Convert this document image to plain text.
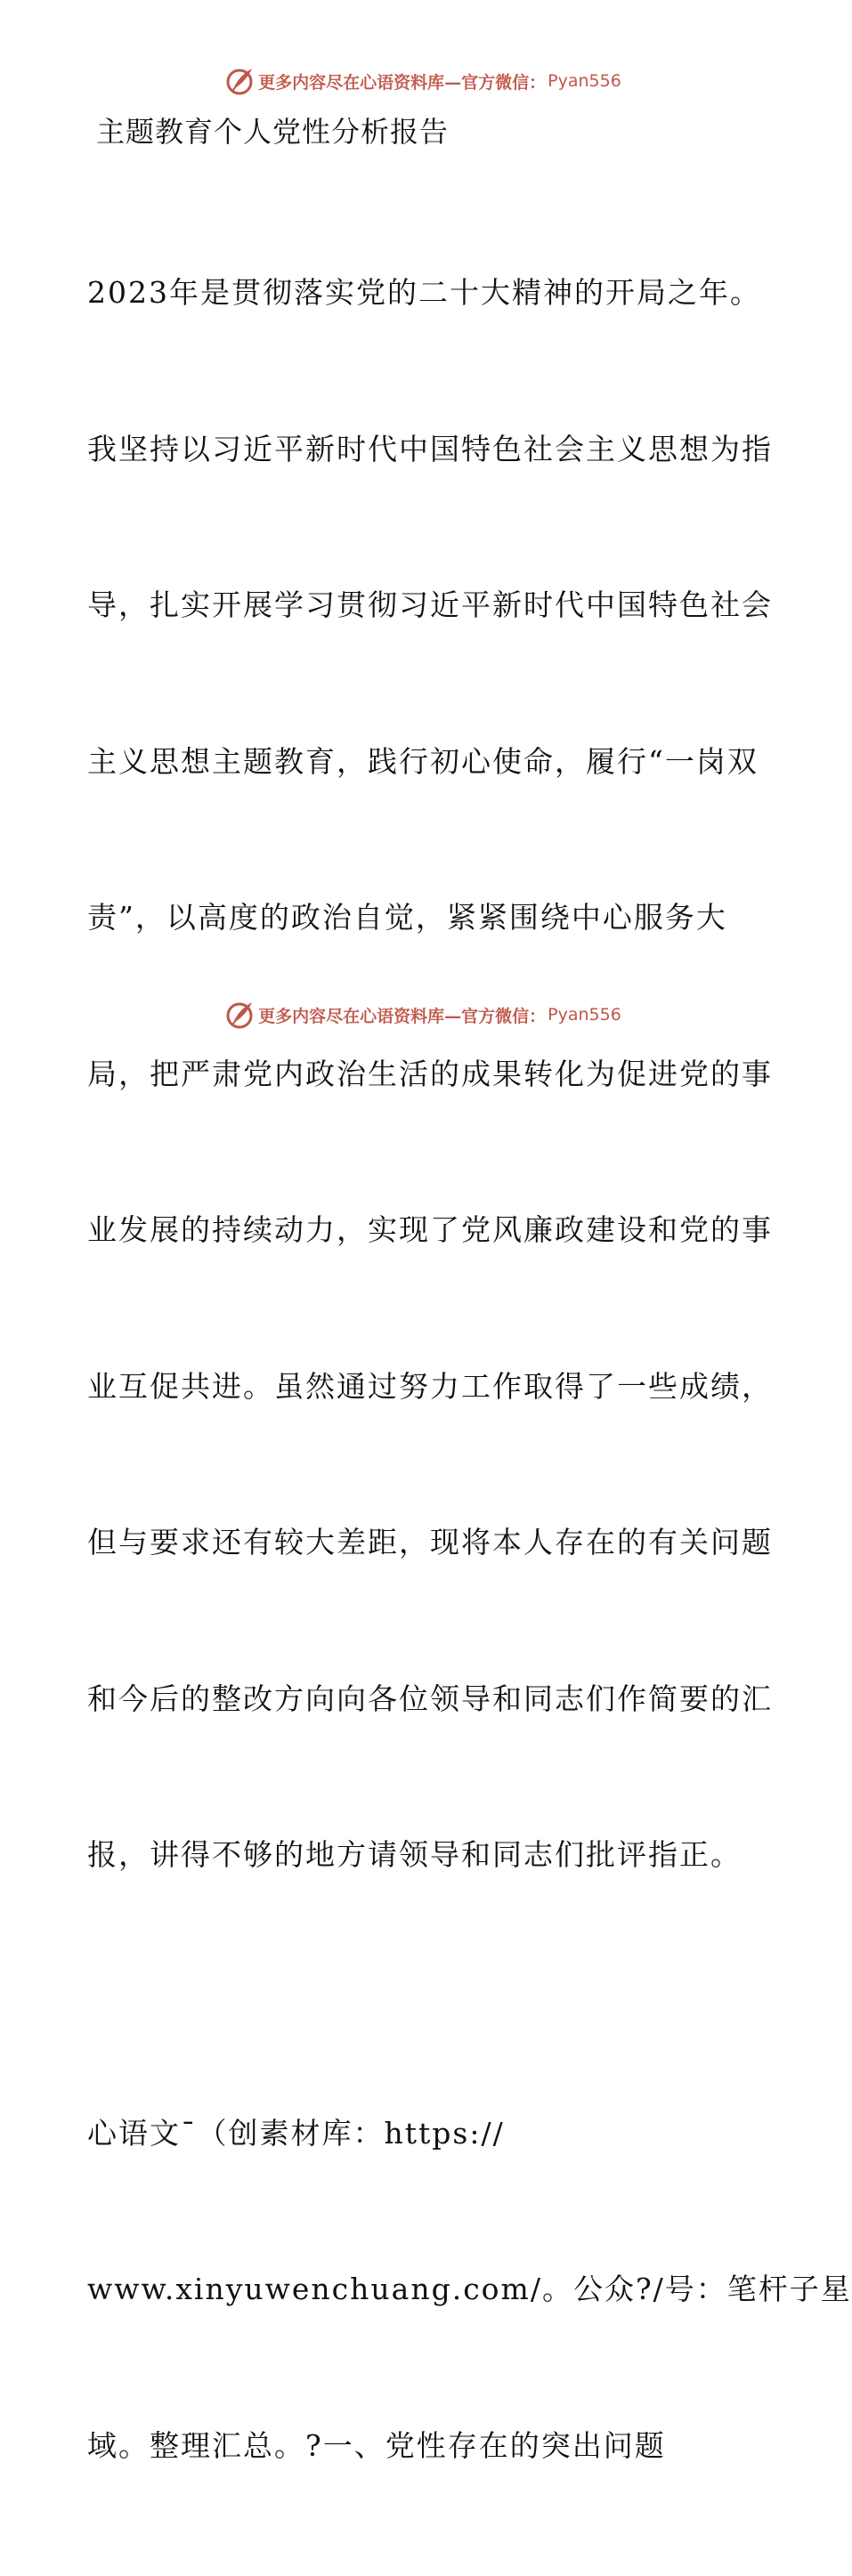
更多内容尽在心语资料库—官方微信： Pyan556
主题教育个人党性分析报告

2023年是贯彻落实党的二十大精神的开局之年。

我坚持以习近平新时代中国特色社会主义思想为指

导，扎实开展学习贯彻习近平新时代中国特色社会

主义思想主题教育，践行初心使命，履行“一岗双

责”，以高度的政治自觉，紧紧围绕中心服务大

局，把严肃党内政治生活的成果转化为促进党的事

业发展的持续动力，实现了党风廉政建设和党的事

业互促共进。虽然通过努力工作取得了一些成绩，

但与要求还有较大差距，现将本人存在的有关问题

和今后的整改方向向各位领导和同志们作简要的汇

报，讲得不够的地方请领导和同志们批评指正。

心语文¯（创素材库：https://

www.xinyuwenchuang.com/。公众?/号：笔杆子星

域。整理汇总。?一、党性存在的突出问题

更多内容尽在心语资料库—官方微信： Pyan556
